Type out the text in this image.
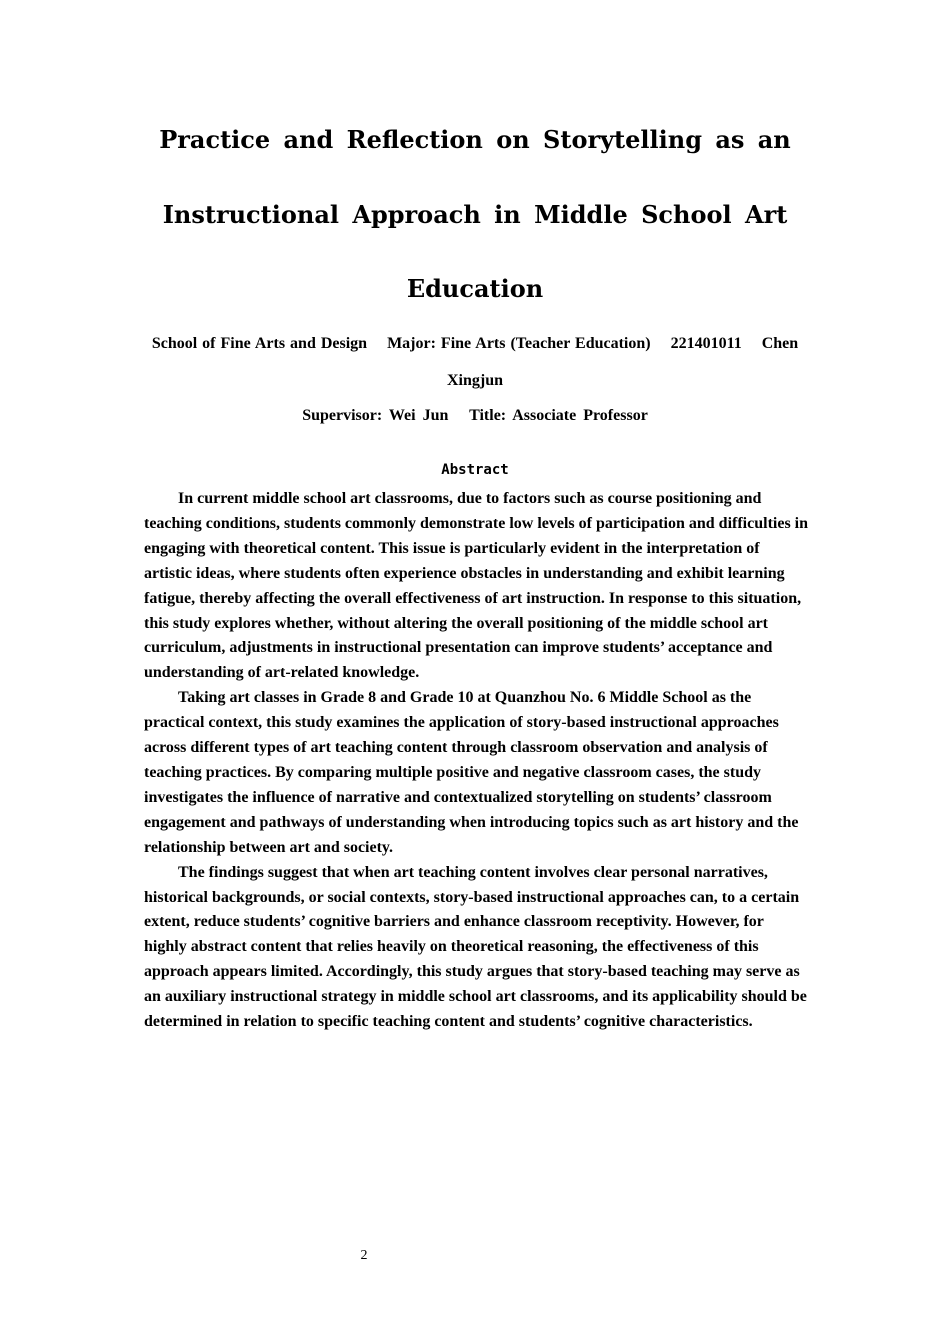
Practice and Reflection on Storytelling as an
Instructional Approach in Middle School Art
Education
School of Fine Arts and Design    Major: Fine Arts (Teacher Education)    221401011    Chen
Xingjun
Supervisor: Wei Jun   Title: Associate Professor
Abstract

In current middle school art classrooms, due to factors such as course positioning and teaching conditions, students commonly demonstrate low levels of participation and difficulties in engaging with theoretical content. This issue is particularly evident in the interpretation of artistic ideas, where students often experience obstacles in understanding and exhibit learning fatigue, thereby affecting the overall effectiveness of art instruction. In response to this situation, this study explores whether, without altering the overall positioning of the middle school art curriculum, adjustments in instructional presentation can improve students’ acceptance and understanding of art-related knowledge.

Taking art classes in Grade 8 and Grade 10 at Quanzhou No. 6 Middle School as the practical context, this study examines the application of story-based instructional approaches across different types of art teaching content through classroom observation and analysis of teaching practices. By comparing multiple positive and negative classroom cases, the study investigates the influence of narrative and contextualized storytelling on students’ classroom engagement and pathways of understanding when introducing topics such as art history and the relationship between art and society.

The findings suggest that when art teaching content involves clear personal narratives, historical backgrounds, or social contexts, story-based instructional approaches can, to a certain extent, reduce students’ cognitive barriers and enhance classroom receptivity. However, for highly abstract content that relies heavily on theoretical reasoning, the effectiveness of this approach appears limited. Accordingly, this study argues that story-based teaching may serve as an auxiliary instructional strategy in middle school art classrooms, and its applicability should be determined in relation to specific teaching content and students’ cognitive characteristics.

2
